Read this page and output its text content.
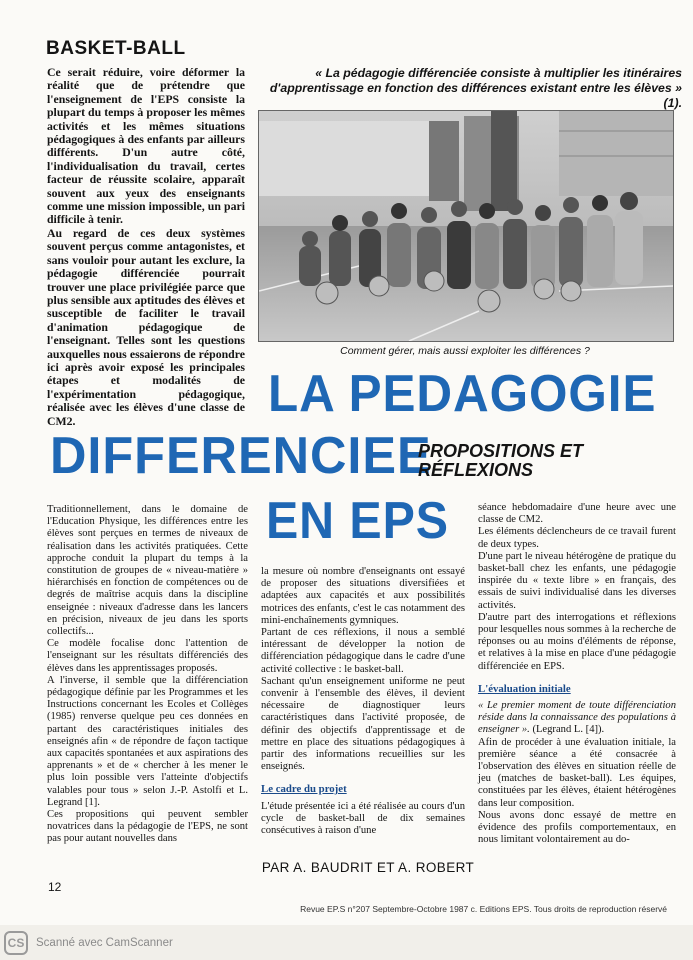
BASKET-BALL

Ce serait réduire, voire déformer la réalité que de prétendre que l'enseignement de l'EPS consiste la plupart du temps à proposer les mêmes activités et les mêmes situations pédagogiques à des enfants par ailleurs différents. D'un autre côté, l'individualisation du travail, certes facteur de réussite scolaire, apparaît souvent aux yeux des enseignants comme une mission impossible, un pari difficile à tenir.

Au regard de ces deux systèmes souvent perçus comme antagonistes, et sans vouloir pour autant les exclure, la pédagogie différenciée pourrait trouver une place privilégiée parce que plus sensible aux aptitudes des élèves et susceptible de faciliter le travail d'animation pédagogique de l'enseignant. Telles sont les questions auxquelles nous essaierons de répondre ici après avoir exposé les principales étapes et modalités de l'expérimentation pédagogique, réalisée avec les élèves d'une classe de CM2.

« La pédagogie différenciée consiste à multiplier les itinéraires d'apprentissage en fonction des différences existant entre les élèves » (1).

Comment gérer, mais aussi exploiter les différences ?

LA PEDAGOGIE
DIFFERENCIEE
EN EPS
PROPOSITIONS ET
RÉFLEXIONS

Traditionnellement, dans le domaine de l'Education Physique, les différences entre les élèves sont perçues en termes de niveaux de réalisation dans les activités pratiquées. Cette approche conduit la plupart du temps à la constitution de groupes de « niveau-matière » hiérarchisés en fonction de compétences ou de degrés de maîtrise acquis dans la discipline enseignée : niveaux d'adresse dans les lancers en précision, niveaux de jeu dans les sports collectifs...

Ce modèle focalise donc l'attention de l'enseignant sur les résultats différenciés des élèves dans les apprentissages proposés.

A l'inverse, il semble que la différenciation pédagogique définie par les Programmes et les Instructions concernant les Ecoles et Collèges (1985) renverse quelque peu ces données en partant des caractéristiques initiales des enseignés afin « de répondre de façon tactique aux capacités spontanées et aux aspirations des apprenants » et de « chercher à les mener le plus loin possible vers l'atteinte d'objectifs valables pour tous » selon J.-P. Astolfi et L. Legrand [1].

Ces propositions qui peuvent sembler novatrices dans la pédagogie de l'EPS, ne sont pas pour autant nouvelles dans

la mesure où nombre d'enseignants ont essayé de proposer des situations diversifiées et adaptées aux capacités et aux possibilités motrices des enfants, c'est le cas notamment des mini-enchaînements gymniques.

Partant de ces réflexions, il nous a semblé intéressant de développer la notion de différenciation pédagogique dans le cadre d'une activité collective : le basket-ball.

Sachant qu'un enseignement uniforme ne peut convenir à l'ensemble des élèves, il devient nécessaire de diagnostiquer leurs caractéristiques dans l'activité proposée, de définir des objectifs d'apprentissage et de mettre en place des situations pédagogiques à partir des informations recueillies sur les enseignés.

Le cadre du projet

L'étude présentée ici a été réalisée au cours d'un cycle de basket-ball de dix semaines consécutives à raison d'une

séance hebdomadaire d'une heure avec une classe de CM2.

Les éléments déclencheurs de ce travail furent de deux types.

D'une part le niveau hétérogène de pratique du basket-ball chez les enfants, une pédagogie inspirée du « texte libre » en français, des essais de suivi individualisé dans les diverses activités.

D'autre part des interrogations et réflexions pour lesquelles nous sommes à la recherche de réponses ou au moins d'éléments de réponse, et relatives à la mise en place d'une pédagogie différenciée en EPS.

L'évaluation initiale

« Le premier moment de toute différenciation réside dans la connaissance des populations à enseigner ». (Legrand L. [4]).

Afin de procéder à une évaluation initiale, la première séance a été consacrée à l'observation des élèves en situation réelle de jeu (matches de basket-ball). Les équipes, constituées par les élèves, étaient hétérogènes dans leur composition.

Nous avons donc essayé de mettre en évidence des profils comportementaux, en nous limitant volontairement au do-

PAR A. BAUDRIT ET A. ROBERT

12

Revue EP.S n°207 Septembre-Octobre 1987 c. Editions EPS. Tous droits de reproduction réservé

CS	Scanné avec CamScanner
